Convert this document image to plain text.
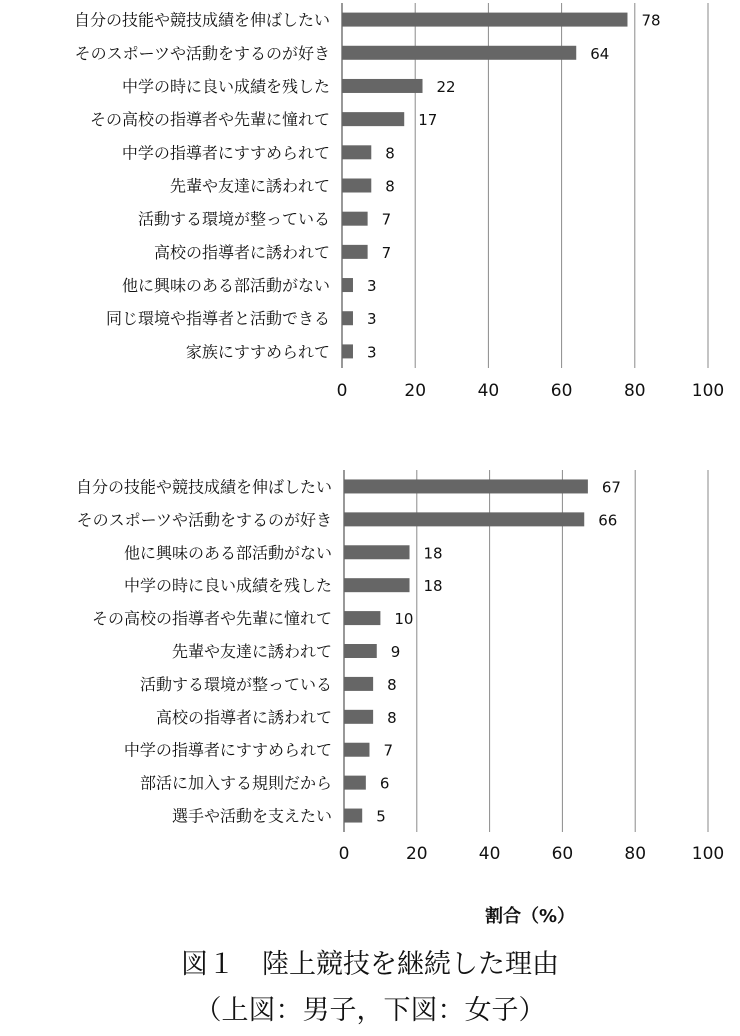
0	20	40	60	80	100
自分の技能や競技成績を伸ばしたい	78
そのスポーツや活動をするのが好き	64
中学の時に良い成績を残した	22
その高校の指導者や先輩に憧れて	17
中学の指導者にすすめられて	8
先輩や友達に誘われて	8
活動する環境が整っている	7
高校の指導者に誘われて	7
他に興味のある部活動がない 3
同じ環境や指導者と活動できる 3
家族にすすめられて 3
0	20	40	60	80	100
自分の技能や競技成績を伸ばしたい	67
そのスポーツや活動をするのが好き	66
他に興味のある部活動がない	18
中学の時に良い成績を残した	18
その高校の指導者や先輩に憧れて	10
先輩や友達に誘われて	9
活動する環境が整っている	8
高校の指導者に誘われて	8
中学の指導者にすすめられて	7
部活に加入する規則だから	6
選手や活動を支えたい	5
割合（%）
図１　陸上競技を継続した理由
（上図：男子，下図：女子）
